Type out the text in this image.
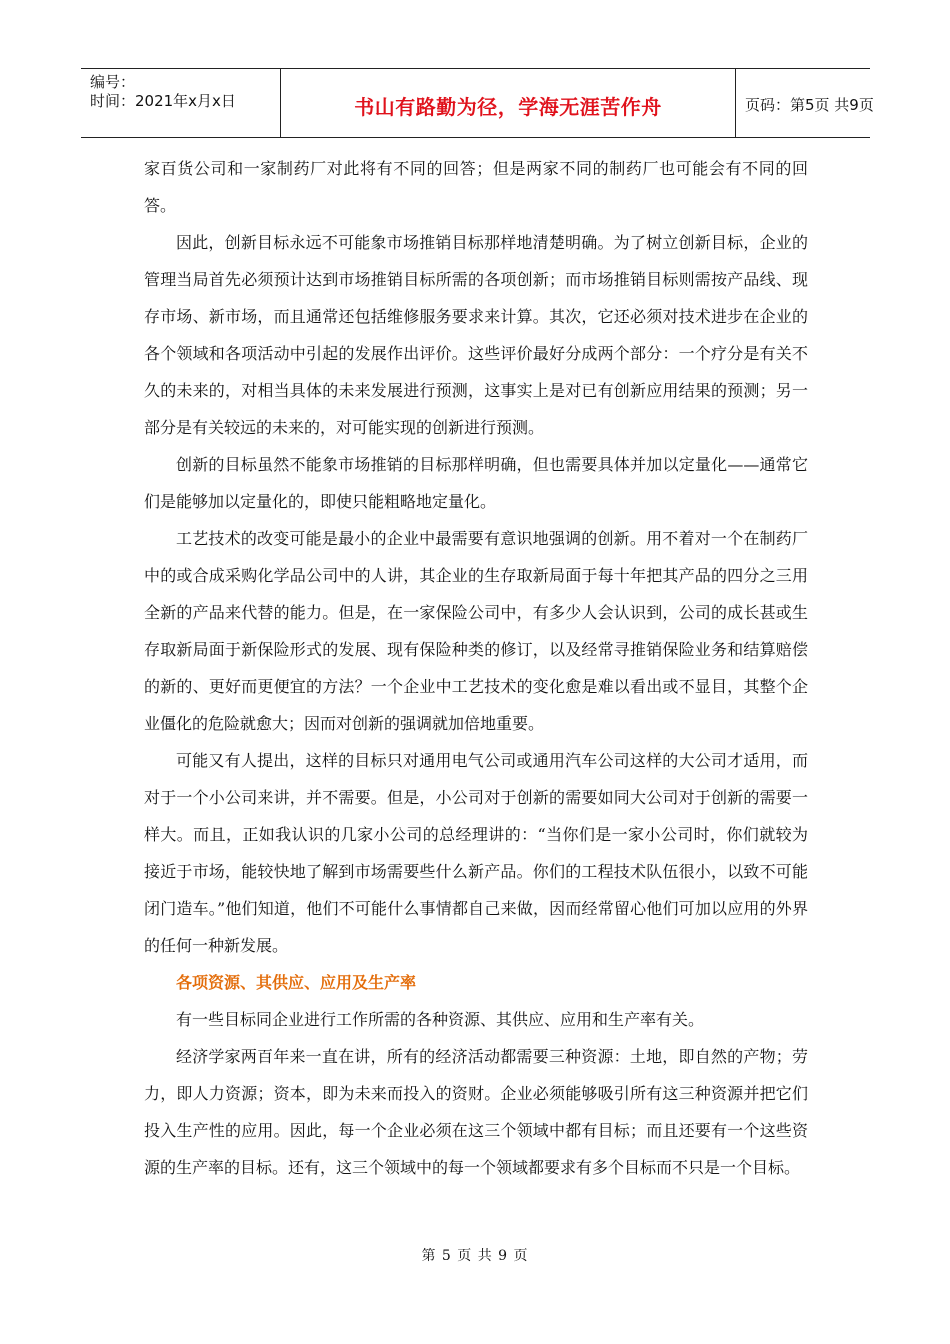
编号：
时间：2021年x月x日	书山有路勤为径，学海无涯苦作舟	页码：第5页 共9页

家百货公司和一家制药厂对此将有不同的回答；但是两家不同的制药厂也可能会有不同的回答。

因此，创新目标永远不可能象市场推销目标那样地清楚明确。为了树立创新目标，企业的管理当局首先必须预计达到市场推销目标所需的各项创新；而市场推销目标则需按产品线、现存市场、新市场，而且通常还包括维修服务要求来计算。其次，它还必须对技术进步在企业的各个领域和各项活动中引起的发展作出评价。这些评价最好分成两个部分：一个疗分是有关不久的未来的，对相当具体的未来发展进行预测，这事实上是对已有创新应用结果的预测；另一部分是有关较远的未来的，对可能实现的创新进行预测。

创新的目标虽然不能象市场推销的目标那样明确，但也需要具体并加以定量化——通常它们是能够加以定量化的，即使只能粗略地定量化。

工艺技术的改变可能是最小的企业中最需要有意识地强调的创新。用不着对一个在制药厂中的或合成采购化学品公司中的人讲，其企业的生存取新局面于每十年把其产品的四分之三用全新的产品来代替的能力。但是，在一家保险公司中，有多少人会认识到，公司的成长甚或生存取新局面于新保险形式的发展、现有保险种类的修订，以及经常寻推销保险业务和结算赔偿的新的、更好而更便宜的方法？一个企业中工艺技术的变化愈是难以看出或不显目，其整个企业僵化的危险就愈大；因而对创新的强调就加倍地重要。

可能又有人提出，这样的目标只对通用电气公司或通用汽车公司这样的大公司才适用，而对于一个小公司来讲，并不需要。但是，小公司对于创新的需要如同大公司对于创新的需要一样大。而且，正如我认识的几家小公司的总经理讲的：“当你们是一家小公司时，你们就较为接近于市场，能较快地了解到市场需要些什么新产品。你们的工程技术队伍很小，以致不可能闭门造车。”他们知道，他们不可能什么事情都自己来做，因而经常留心他们可加以应用的外界的任何一种新发展。

各项资源、其供应、应用及生产率

有一些目标同企业进行工作所需的各种资源、其供应、应用和生产率有关。

经济学家两百年来一直在讲，所有的经济活动都需要三种资源：土地，即自然的产物；劳力，即人力资源；资本，即为未来而投入的资财。企业必须能够吸引所有这三种资源并把它们投入生产性的应用。因此，每一个企业必须在这三个领域中都有目标；而且还要有一个这些资源的生产率的目标。还有，这三个领域中的每一个领域都要求有多个目标而不只是一个目标。

第 5 页 共 9 页
